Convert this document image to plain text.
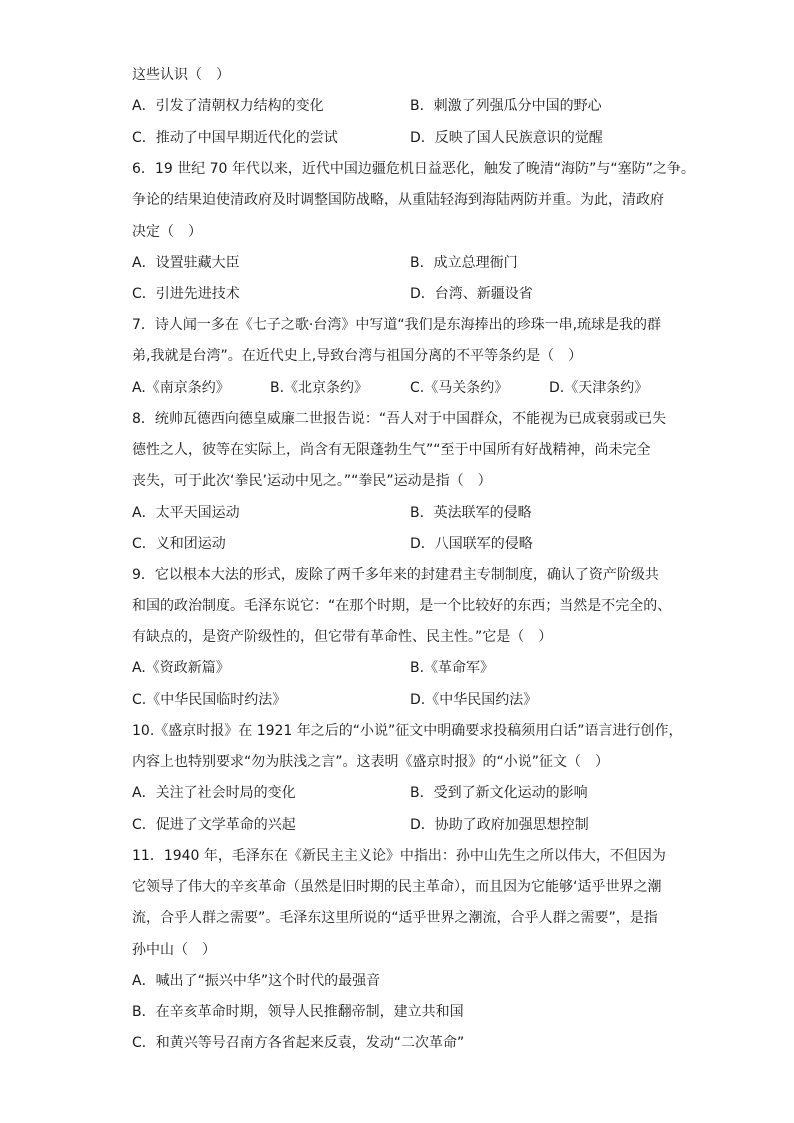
这些认识（　）
A．引发了清朝权力结构的变化	B．刺激了列强瓜分中国的野心
C．推动了中国早期近代化的尝试	D．反映了国人民族意识的觉醒
6．19 世纪 70 年代以来，近代中国边疆危机日益恶化，触发了晚清“海防”与“塞防”之争。
争论的结果迫使清政府及时调整国防战略，从重陆轻海到海陆两防并重。为此，清政府
决定（　）
A．设置驻藏大臣	B．成立总理衙门
C．引进先进技术	D．台湾、新疆设省
7．诗人闻一多在《七子之歌·台湾》中写道“我们是东海捧出的珍珠一串,琉球是我的群
弟,我就是台湾”。在近代史上,导致台湾与祖国分离的不平等条约是（　）
A.《南京条约》	B.《北京条约》	C.《马关条约》	D.《天津条约》
8．统帅瓦德西向德皇威廉二世报告说：“吾人对于中国群众，不能视为已成衰弱或已失
德性之人，彼等在实际上，尚含有无限蓬勃生气”“至于中国所有好战精神，尚未完全
丧失，可于此次‘拳民’运动中见之。”“拳民”运动是指（　）
A．太平天国运动	B．英法联军的侵略
C．义和团运动	D．八国联军的侵略
9．它以根本大法的形式，废除了两千多年来的封建君主专制制度，确认了资产阶级共
和国的政治制度。毛泽东说它：“在那个时期，是一个比较好的东西；当然是不完全的、
有缺点的，是资产阶级性的，但它带有革命性、民主性。”它是（　）
A.《资政新篇》	B.《革命军》
C.《中华民国临时约法》	D.《中华民国约法》
10.《盛京时报》在 1921 年之后的“小说”征文中明确要求投稿须用白话”语言进行创作，
内容上也特别要求“勿为肤浅之言”。这表明《盛京时报》的“小说”征文（　）
A．关注了社会时局的变化	B．受到了新文化运动的影响
C．促进了文学革命的兴起	D．协助了政府加强思想控制
11．1940 年，毛泽东在《新民主主义论》中指出：孙中山先生之所以伟大，不但因为
它领导了伟大的辛亥革命（虽然是旧时期的民主革命），而且因为它能够‘适乎世界之潮
流，合乎人群之需要”。毛泽东这里所说的“适乎世界之潮流，合乎人群之需要”，是指
孙中山（　）
A．喊出了“振兴中华”这个时代的最强音
B．在辛亥革命时期，领导人民推翻帝制，建立共和国
C．和黄兴等号召南方各省起来反袁，发动“二次革命”
